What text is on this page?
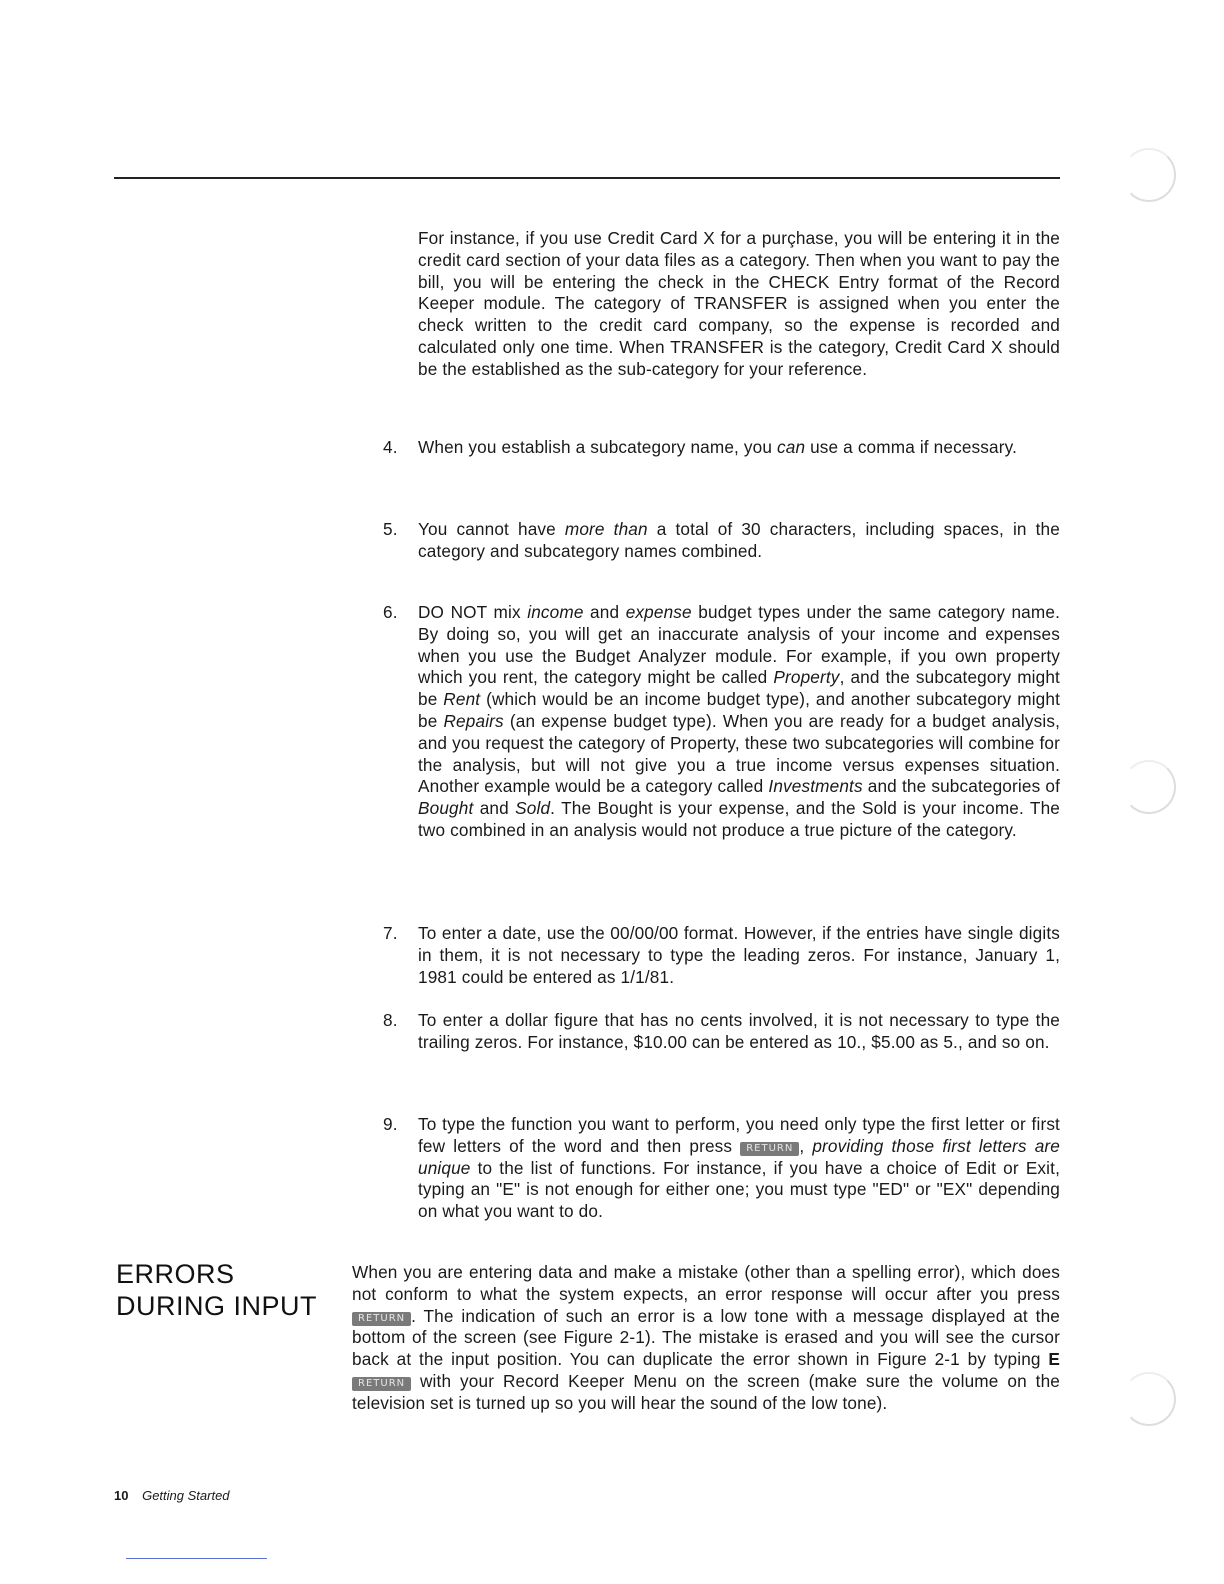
For instance, if you use Credit Card X for a purçhase, you will be entering it in the credit card section of your data files as a category. Then when you want to pay the bill, you will be entering the check in the CHECK Entry format of the Record Keeper module. The category of TRANSFER is assigned when you enter the check written to the credit card company, so the expense is recorded and calculated only one time. When TRANSFER is the category, Credit Card X should be the established as the sub-category for your reference.
4.	When you establish a subcategory name, you can use a comma if necessary.
5.	You cannot have more than a total of 30 characters, including spaces, in the category and subcategory names combined.
6.	DO NOT mix income and expense budget types under the same category name. By doing so, you will get an inaccurate analysis of your income and expenses when you use the Budget Analyzer module. For example, if you own property which you rent, the category might be called Property, and the subcategory might be Rent (which would be an income budget type), and another subcategory might be Repairs (an expense budget type). When you are ready for a budget analysis, and you request the category of Property, these two subcategories will combine for the analysis, but will not give you a true income versus expenses situation. Another example would be a category called Investments and the subcategories of Bought and Sold. The Bought is your expense, and the Sold is your income. The two combined in an analysis would not produce a true picture of the category.
7.	To enter a date, use the 00/00/00 format. However, if the entries have single digits in them, it is not necessary to type the leading zeros. For instance, January 1, 1981 could be entered as 1/1/81.
8.	To enter a dollar figure that has no cents involved, it is not necessary to type the trailing zeros. For instance, $10.00 can be entered as 10., $5.00 as 5., and so on.
9.	To type the function you want to perform, you need only type the first letter or first few letters of the word and then press RETURN , providing those first letters are unique to the list of functions. For instance, if you have a choice of Edit or Exit, typing an "E" is not enough for either one; you must type "ED" or "EX" depending on what you want to do.
ERRORS
DURING INPUT
When you are entering data and make a mistake (other than a spelling error), which does not conform to what the system expects, an error response will occur after you press RETURN . The indication of such an error is a low tone with a message displayed at the bottom of the screen (see Figure 2-1). The mistake is erased and you will see the cursor back at the input position. You can duplicate the error shown in Figure 2-1 by typing E RETURN with your Record Keeper Menu on the screen (make sure the volume on the television set is turned up so you will hear the sound of the low tone).
10 Getting Started
